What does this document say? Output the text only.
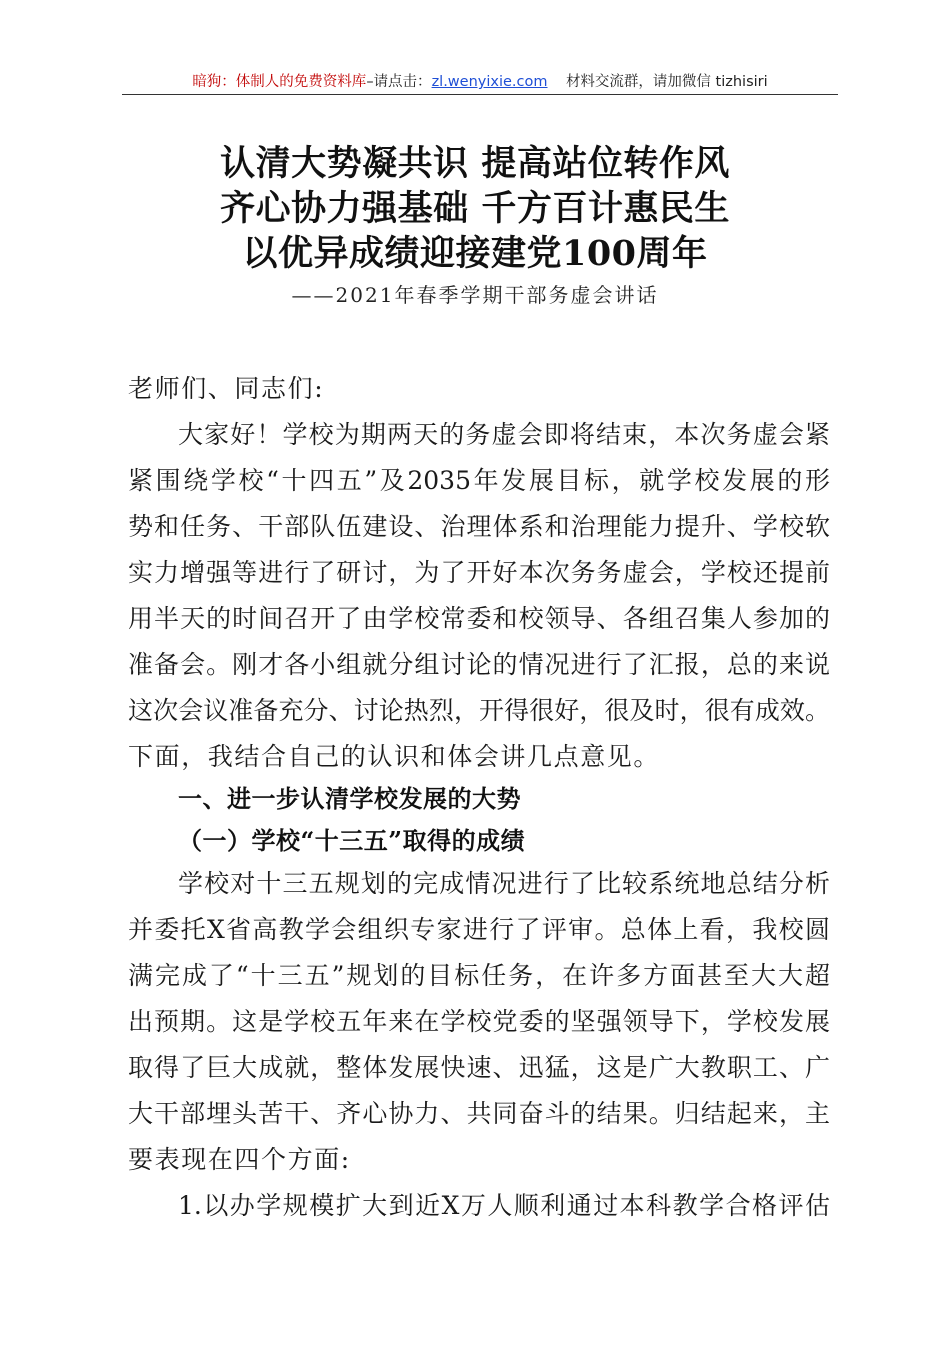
暗狗：体制人的免费资料库–请点击：zl.wenyixie.com 材料交流群，请加微信 tizhisiri
认清大势凝共识 提高站位转作风
齐心协力强基础 千方百计惠民生
以优异成绩迎接建党100周年
——2021年春季学期干部务虚会讲话
老师们、同志们:
大家好！学校为期两天的务虚会即将结束，本次务虚会紧
紧围绕学校“十四五”及2035年发展目标，就学校发展的形
势和任务、干部队伍建设、治理体系和治理能力提升、学校软
实力增强等进行了研讨，为了开好本次务务虚会，学校还提前
用半天的时间召开了由学校常委和校领导、各组召集人参加的
准备会。刚才各小组就分组讨论的情况进行了汇报，总的来说
这次会议准备充分、讨论热烈，开得很好，很及时，很有成效。
下面，我结合自己的认识和体会讲几点意见。
一、进一步认清学校发展的大势
（一）学校“十三五”取得的成绩
学校对十三五规划的完成情况进行了比较系统地总结分析
并委托X省高教学会组织专家进行了评审。总体上看，我校圆
满完成了“十三五”规划的目标任务，在许多方面甚至大大超
出预期。这是学校五年来在学校党委的坚强领导下，学校发展
取得了巨大成就，整体发展快速、迅猛，这是广大教职工、广
大干部埋头苦干、齐心协力、共同奋斗的结果。归结起来，主
要表现在四个方面:
1.以办学规模扩大到近X万人顺利通过本科教学合格评估
